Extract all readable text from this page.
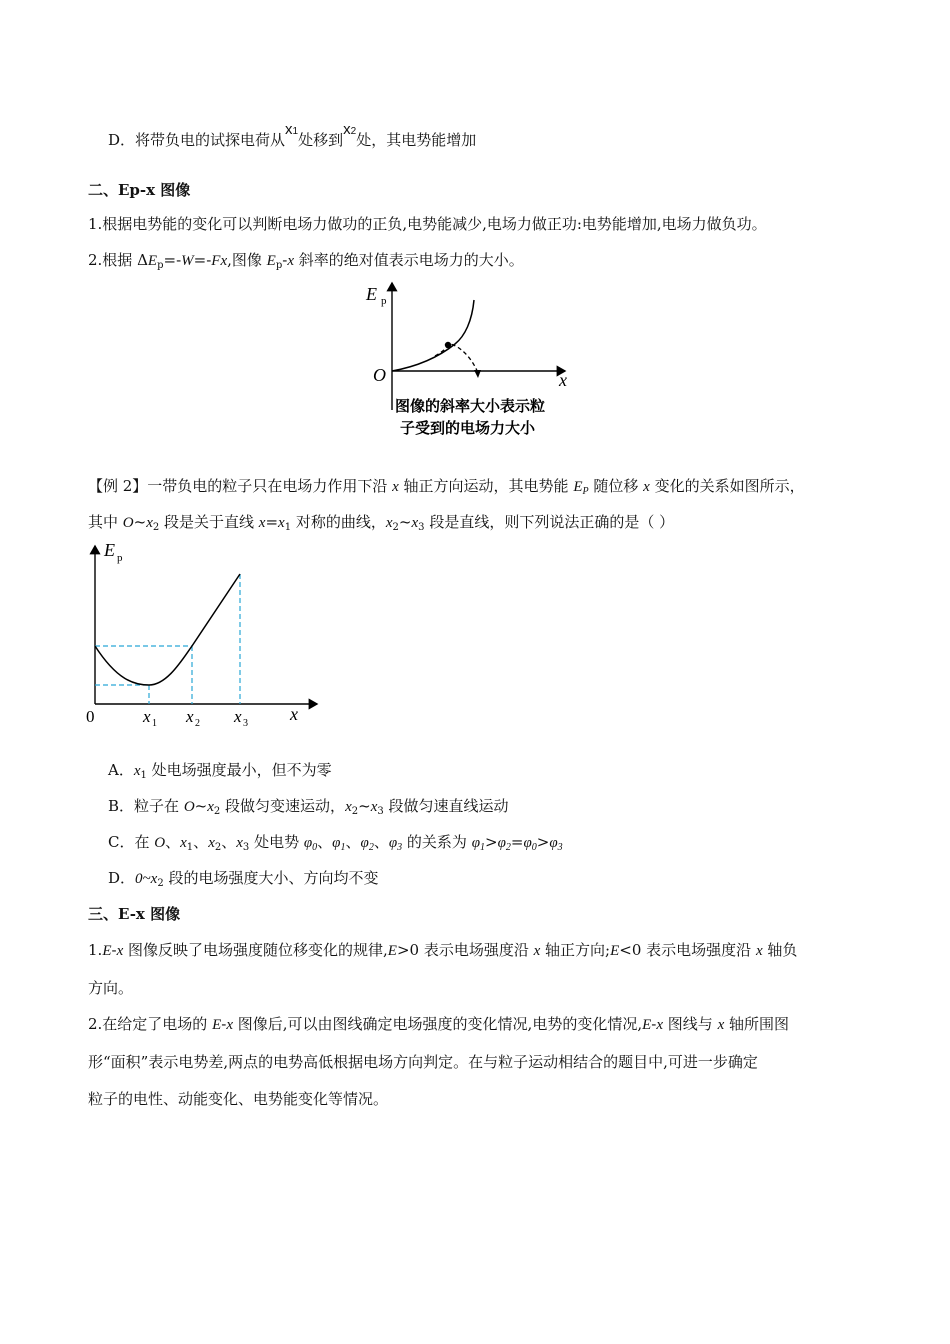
D．将带负电的试探电荷从x1处移到x2处，其电势能增加
二、Ep-x 图像
1.根据电势能的变化可以判断电场力做功的正负,电势能减少,电场力做正功:电势能增加,电场力做负功。
2.根据 $\Delta E_p=-W=-Fx$,图像 $E_p-x$ 斜率的绝对值表示电场力的大小。
E p
O	x
图像的斜率大小表示粒
子受到的电场力大小
【例 2】一带负电的粒子只在电场力作用下沿 x 轴正方向运动，其电势能 $E_P$ 随位移 x 变化的关系如图所示，
其中 $O\sim x_2$ 段是关于直线 $x=x_1$ 对称的曲线，$x_2\sim x_3$ 段是直线，则下列说法正确的是（ ）
E p
0	x 1 x 2 x 3 x
A．$x_1$ 处电场强度最小，但不为零
B．粒子在 $O\sim x_2$ 段做匀变速运动，$x_2\sim x_3$ 段做匀速直线运动
C．在 O、$x_1$、$x_2$、$x_3$ 处电势 $\varphi_0$、$\varphi_1$、$\varphi_2$、$\varphi_3$ 的关系为 $\varphi_1>\varphi_2=\varphi_0>\varphi_3$
D．$0\sim x_2$ 段的电场强度大小、方向均不变
三、E-x 图像
1.E-x 图像反映了电场强度随位移变化的规律,E>0 表示电场强度沿 x 轴正方向;E<0 表示电场强度沿 x 轴负
方向。
2.在给定了电场的 E-x 图像后,可以由图线确定电场强度的变化情况,电势的变化情况,E-x 图线与 x 轴所围图
形“面积”表示电势差,两点的电势高低根据电场方向判定。在与粒子运动相结合的题目中,可进一步确定
粒子的电性、动能变化、电势能变化等情况。
